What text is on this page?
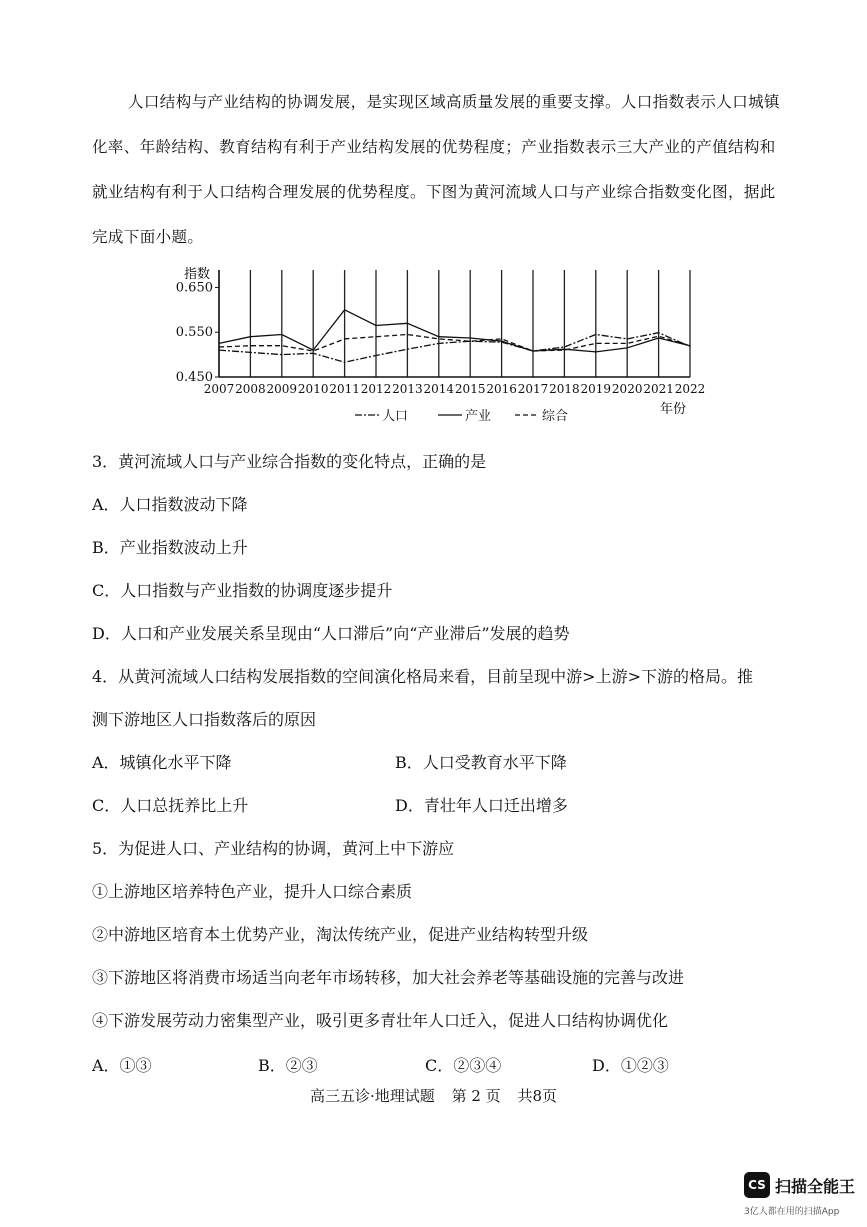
人口结构与产业结构的协调发展，是实现区域高质量发展的重要支撑。人口指数表示人口城镇化率、年龄结构、教育结构有利于产业结构发展的优势程度；产业指数表示三大产业的产值结构和就业结构有利于人口结构合理发展的优势程度。下图为黄河流域人口与产业综合指数变化图，据此完成下面小题。

0.650
0.550
0.450
2007 2008 2009 2010 2011 2012 2013 2014 2015 2016 2017 2018 2019 2020 2021 2022
指数
年份
人口	产业	综合
3．黄河流域人口与产业综合指数的变化特点，正确的是
A．人口指数波动下降
B．产业指数波动上升
C．人口指数与产业指数的协调度逐步提升
D．人口和产业发展关系呈现由“人口滞后”向“产业滞后”发展的趋势
4．从黄河流域人口结构发展指数的空间演化格局来看，目前呈现中游>上游>下游的格局。推
测下游地区人口指数落后的原因
A．城镇化水平下降	B．人口受教育水平下降
C．人口总抚养比上升	D．青壮年人口迁出增多
5．为促进人口、产业结构的协调，黄河上中下游应
①上游地区培养特色产业，提升人口综合素质
②中游地区培育本土优势产业，淘汰传统产业，促进产业结构转型升级
③下游地区将消费市场适当向老年市场转移，加大社会养老等基础设施的完善与改进
④下游发展劳动力密集型产业，吸引更多青壮年人口迁入，促进人口结构协调优化
A．①③	B．②③	C．②③④	D．①②③
高三五诊·地理试题 第 2 页 共8页
CS 扫描全能王
3亿人都在用的扫描App
